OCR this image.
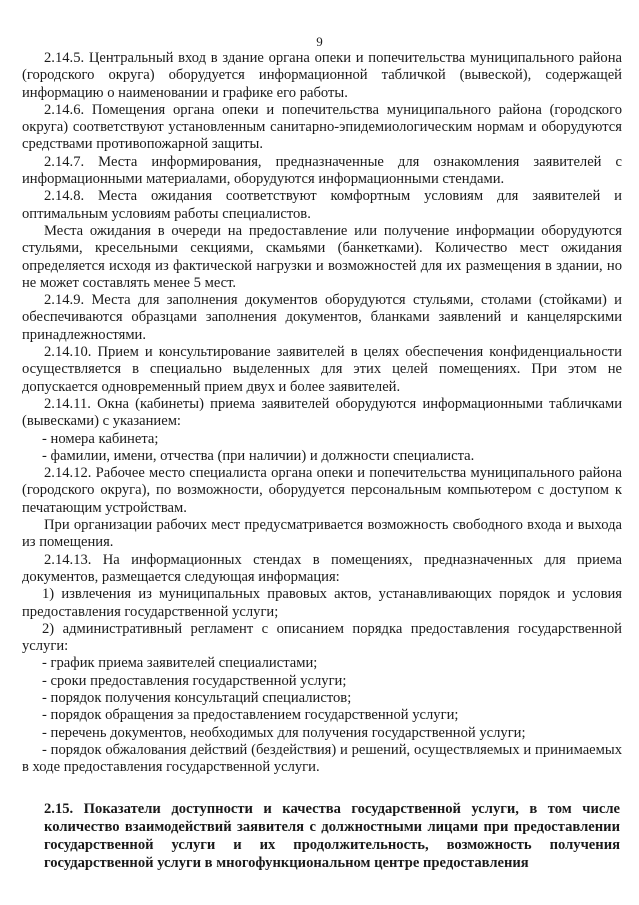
9

2.14.5. Центральный вход в здание органа опеки и попечительства муниципального района (городского округа) оборудуется информационной табличкой (вывеской), содержащей информацию о наименовании и графике его работы.

2.14.6. Помещения органа опеки и попечительства муниципального района (городского округа) соответствуют установленным санитарно-эпидемиологическим нормам и оборудуются средствами противопожарной защиты.

2.14.7. Места информирования, предназначенные для ознакомления заявителей с информационными материалами, оборудуются информационными стендами.

2.14.8. Места ожидания соответствуют комфортным условиям для заявителей и оптимальным условиям работы специалистов.

Места ожидания в очереди на предоставление или получение информации оборудуются стульями, кресельными секциями, скамьями (банкетками). Количество мест ожидания определяется исходя из фактической нагрузки и возможностей для их размещения в здании, но не может составлять менее 5 мест.

2.14.9. Места для заполнения документов оборудуются стульями, столами (стойками) и обеспечиваются образцами заполнения документов, бланками заявлений и канцелярскими принадлежностями.

2.14.10. Прием и консультирование заявителей в целях обеспечения конфиденциальности осуществляется в специально выделенных для этих целей помещениях. При этом не допускается одновременный прием двух и более заявителей.

2.14.11. Окна (кабинеты) приема заявителей оборудуются информационными табличками (вывесками) с указанием:

- номера кабинета;

- фамилии, имени, отчества (при наличии) и должности специалиста.

2.14.12. Рабочее место специалиста органа опеки и попечительства муниципального района (городского округа), по возможности, оборудуется персональным компьютером с доступом к печатающим устройствам.

При организации рабочих мест предусматривается возможность свободного входа и выхода из помещения.

2.14.13. На информационных стендах в помещениях, предназначенных для приема документов, размещается следующая информация:

1) извлечения из муниципальных правовых актов, устанавливающих порядок и условия предоставления государственной услуги;

2) административный регламент с описанием порядка предоставления государственной услуги:

- график приема заявителей специалистами;

- сроки предоставления государственной услуги;

- порядок получения консультаций специалистов;

- порядок обращения за предоставлением государственной услуги;

- перечень документов, необходимых для получения государственной услуги;

- порядок обжалования действий (бездействия) и решений, осуществляемых и принимаемых в ходе предоставления государственной услуги.

2.15. Показатели доступности и качества государственной услуги, в том числе количество взаимодействий заявителя с должностными лицами при предоставлении государственной услуги и их продолжительность, возможность получения государственной услуги в многофункциональном центре предоставления
